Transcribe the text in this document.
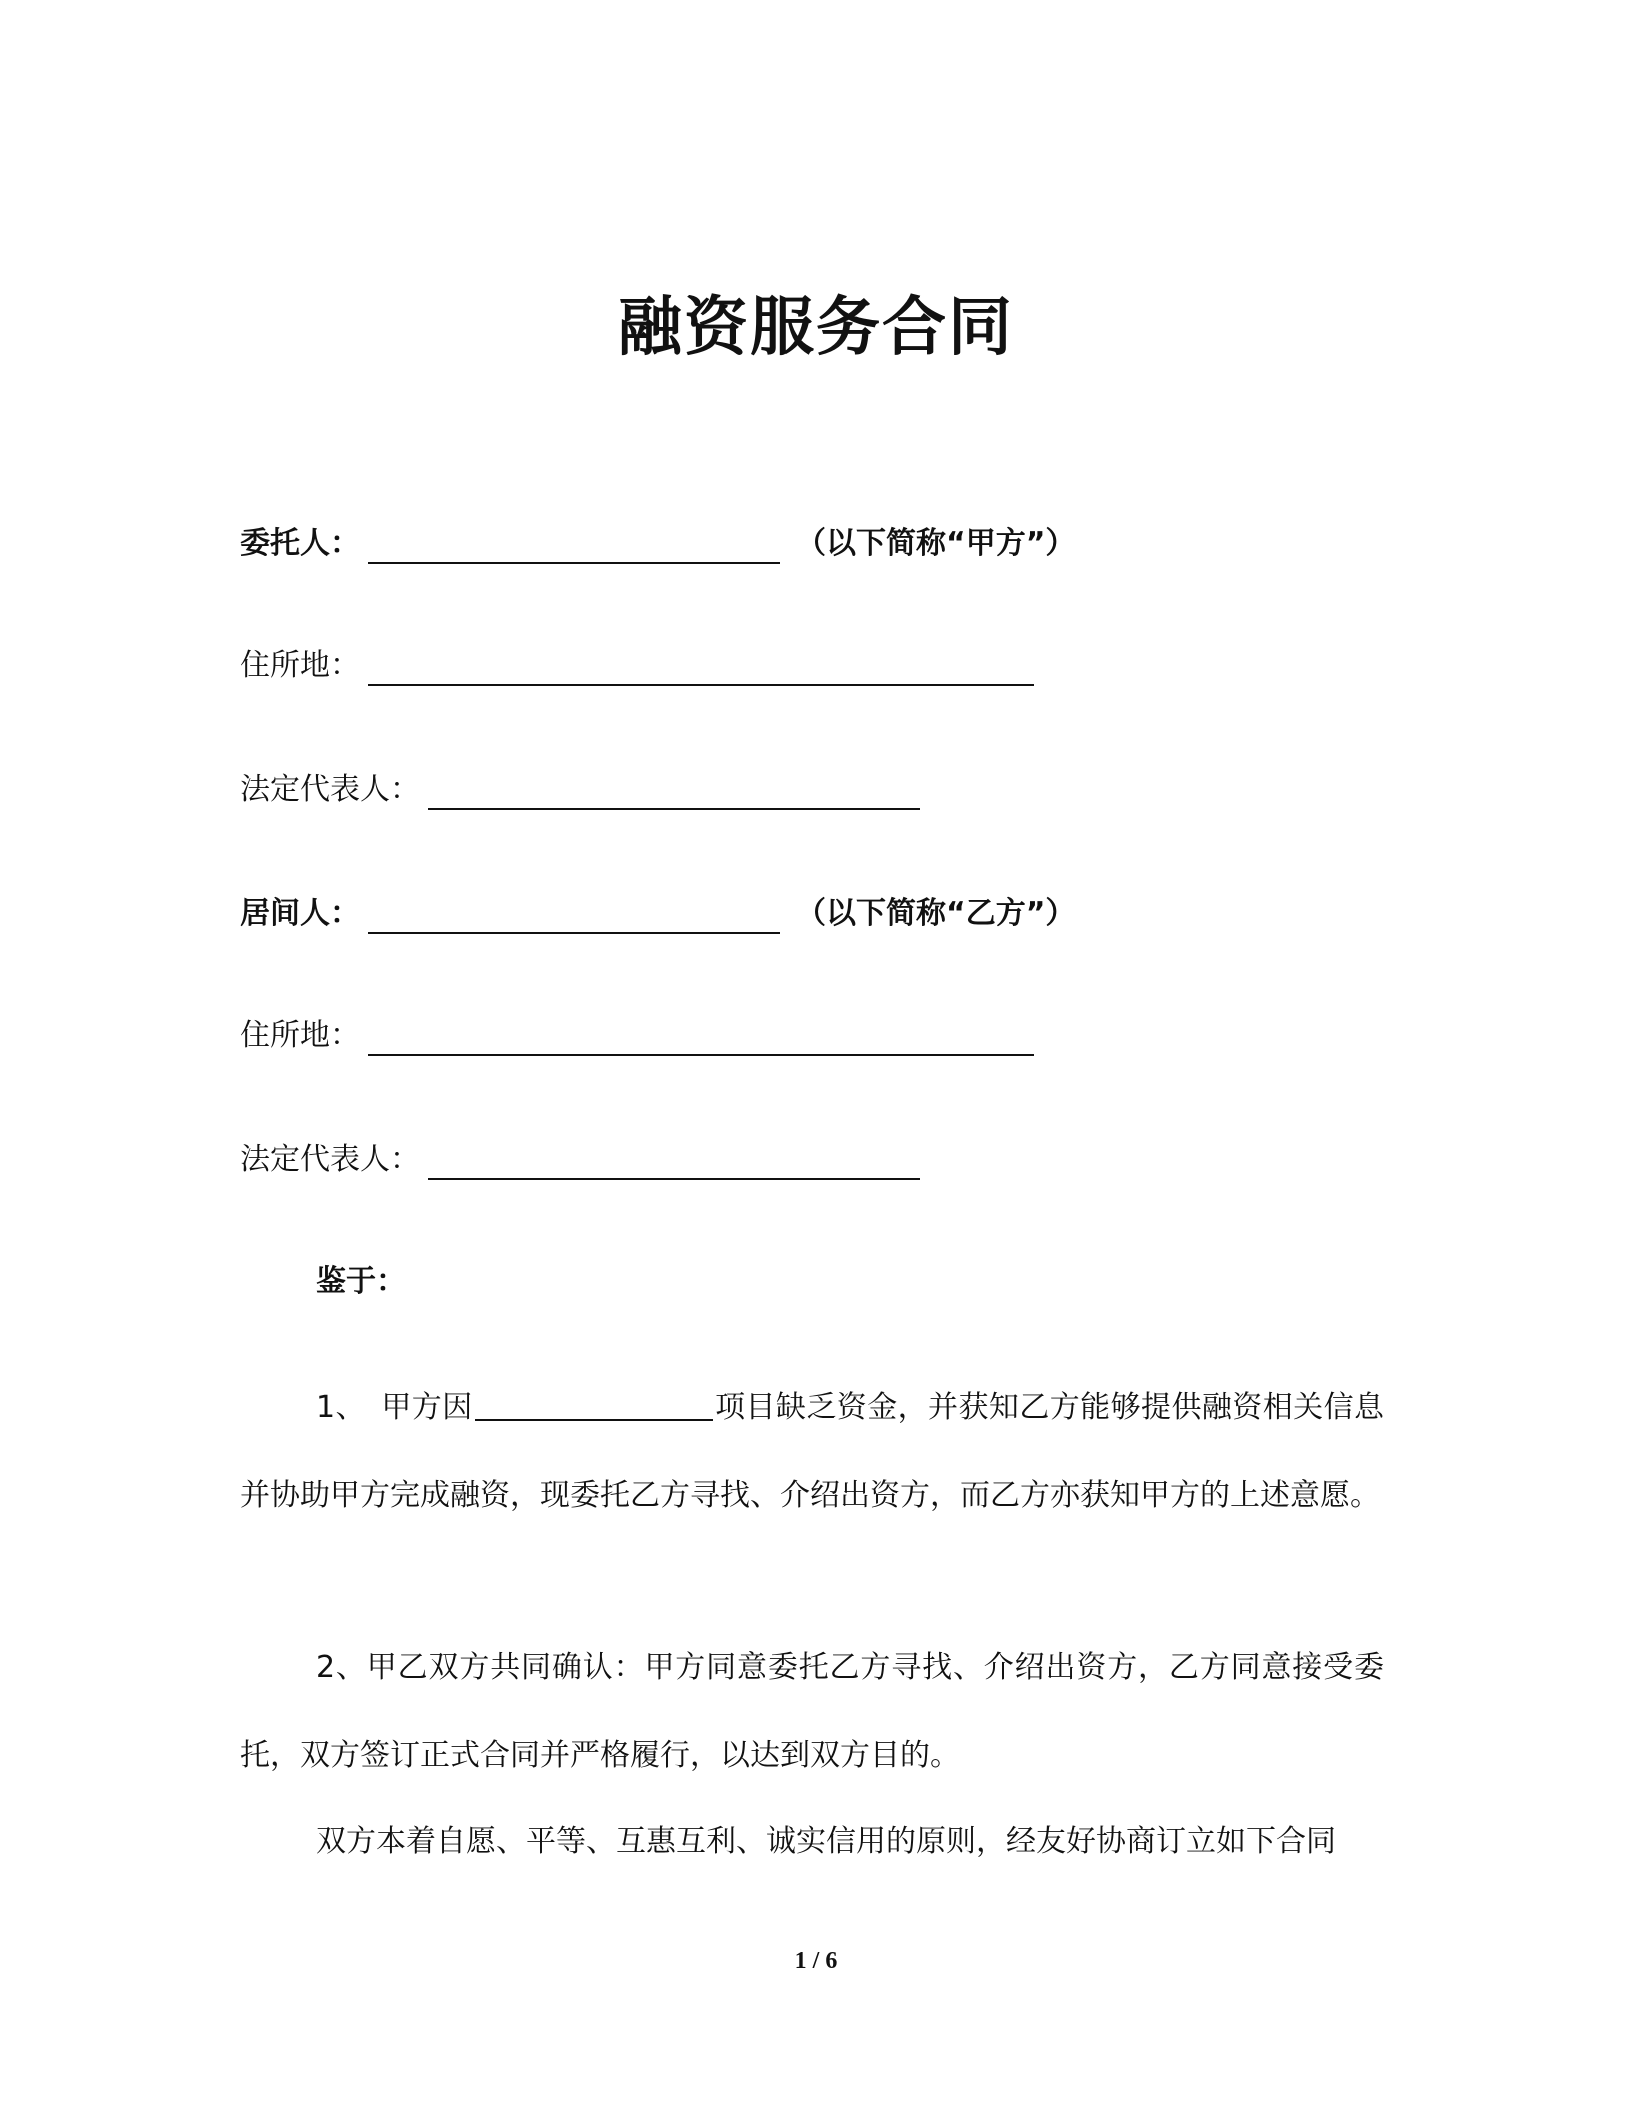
融资服务合同
委托人：	（以下简称“甲方”）
住所地：
法定代表人：
居间人：	（以下简称“乙方”）
住所地：
法定代表人：
鉴于：
1、　甲方因	项目缺乏资金，并获知乙方能够提供融资相关信息并协助甲方完成融资，现委托乙方寻找、介绍出资方，而乙方亦获知甲方的上述意愿。
2、甲乙双方共同确认：甲方同意委托乙方寻找、介绍出资方，乙方同意接受委托，双方签订正式合同并严格履行，以达到双方目的。
双方本着自愿、平等、互惠互利、诚实信用的原则，经友好协商订立如下合同
1 / 6
